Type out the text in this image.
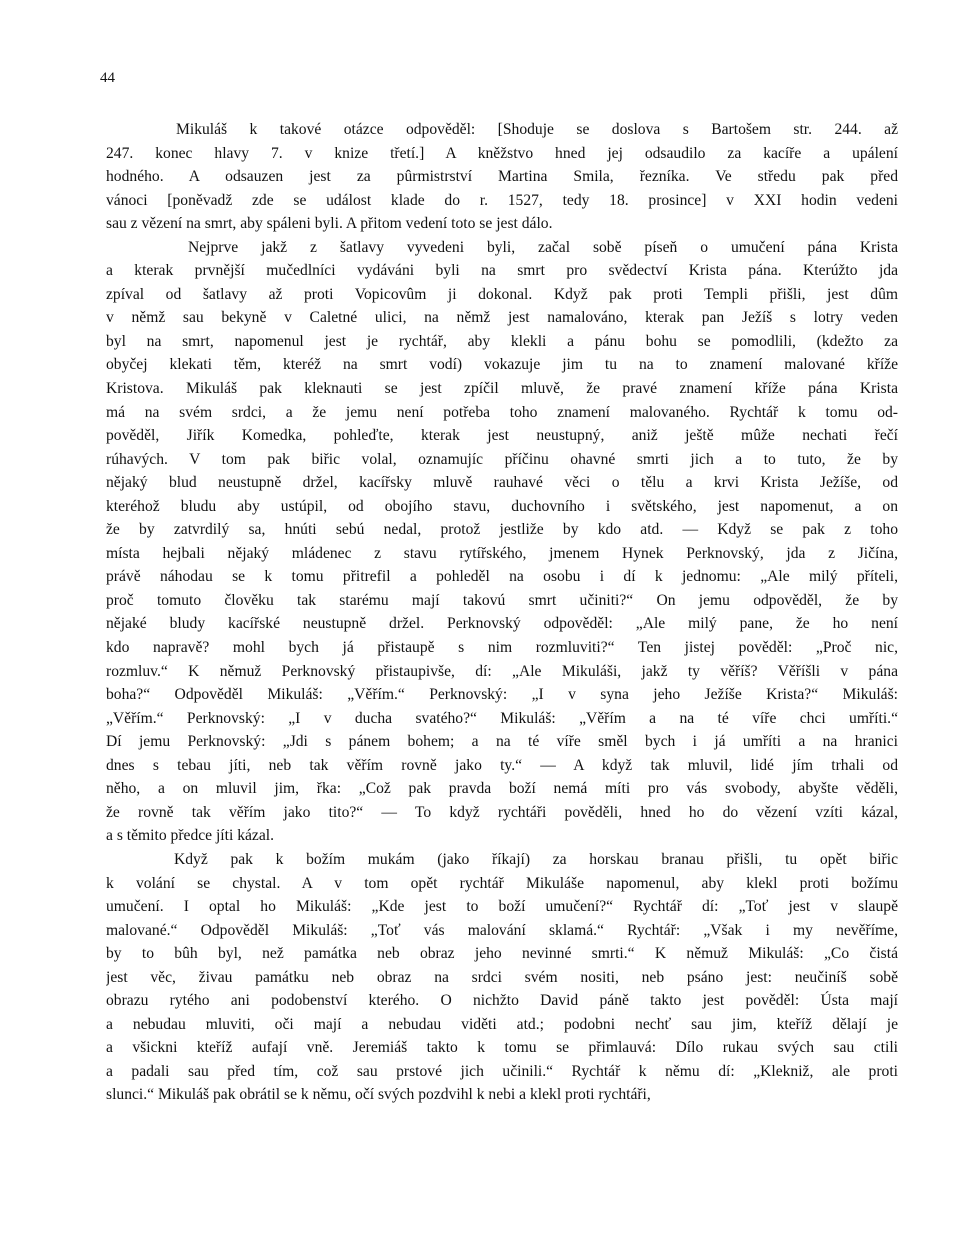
44
Mikuláš k takové otázce odpověděl: [Shoduje se doslova s Bartošem str. 244. až
247. konec hlavy 7. v knize třetí.] A kněžstvo hned jej odsaudilo za kacíře a upálení
hodného. A odsauzen jest za pûrmistrství Martina Smila, řezníka. Ve středu pak před
vánoci [poněvadž zde se událost klade do r. 1527, tedy 18. prosince] v XXI hodin vedeni
sau z vězení na smrt, aby spáleni byli. A přitom vedení toto se jest dálo.
Nejprve jakž z šatlavy vyvedeni byli, začal sobě píseň o umučení pána Krista
a kterak prvnější mučedlníci vydáváni byli na smrt pro svědectví Krista pána. Kterúžto jda
zpíval od šatlavy až proti Vopicovûm ji dokonal. Když pak proti Templi přišli, jest dûm
v němž sau bekyně v Caletné ulici, na němž jest namalováno, kterak pan Ježíš s lotry veden
byl na smrt, napomenul jest je rychtář, aby klekli a pánu bohu se pomodlili, (kdežto za
obyčej klekati těm, kteréž na smrt vodí) vokazuje jim tu na to znamení malované kříže
Kristova. Mikuláš pak kleknauti se jest zpíčil mluvě, že pravé znamení kříže pána Krista
má na svém srdci, a že jemu není potřeba toho znamení malovaného. Rychtář k tomu od-
pověděl, Jiřík Komedka, pohleďte, kterak jest neustupný, aniž ještě mûže nechati řečí
rúhavých. V tom pak biřic volal, oznamujíc příčinu ohavné smrti jich a to tuto, že by
nějaký blud neustupně držel, kacířsky mluvě rauhavé věci o tělu a krvi Krista Ježíše, od
kteréhož bludu aby ustúpil, od obojího stavu, duchovního i světského, jest napomenut, a on
že by zatvrdilý sa, hnúti sebú nedal, protož jestliže by kdo atd. — Když se pak z toho
místa hejbali nějaký mládenec z stavu rytířského, jmenem Hynek Perknovský, jda z Jičína,
právě náhodau se k tomu přitrefil a pohleděl na osobu i dí k jednomu: „Ale milý příteli,
proč tomuto člověku tak starému mají takovú smrt učiniti?“ On jemu odpověděl, že by
nějaké bludy kacířské neustupně držel. Perknovský odpověděl: „Ale milý pane, že ho není
kdo napravě? mohl bych já přistaupě s nim rozmluviti?“ Ten jistej pověděl: „Proč nic,
rozmluv.“ K němuž Perknovský přistaupivše, dí: „Ale Mikuláši, jakž ty věříš? Věříšli v pána
boha?“ Odpověděl Mikuláš: „Věřím.“ Perknovský: „I v syna jeho Ježíše Krista?“ Mikuláš:
„Věřím.“ Perknovský: „I v ducha svatého?“ Mikuláš: „Věřím a na té víře chci umříti.“
Dí jemu Perknovský: „Jdi s pánem bohem; a na té víře směl bych i já umříti a na hranici
dnes s tebau jíti, neb tak věřím rovně jako ty.“ — A když tak mluvil, lidé jím trhali od
něho, a on mluvil jim, řka: „Což pak pravda boží nemá míti pro vás svobody, abyšte věděli,
že rovně tak věřím jako tito?“ — To když rychtáři pověděli, hned ho do vězení vzíti kázal,
a s těmito předce jíti kázal.
Když pak k božím mukám (jako říkají) za horskau branau přišli, tu opět biřic
k volání se chystal. A v tom opět rychtář Mikuláše napomenul, aby klekl proti božímu
umučení. I optal ho Mikuláš: „Kde jest to boží umučení?“ Rychtář dí: „Toť jest v slaupě
malované.“ Odpověděl Mikuláš: „Toť vás malování sklamá.“ Rychtář: „Však i my nevěříme,
by to bûh byl, než památka neb obraz jeho nevinné smrti.“ K němuž Mikuláš: „Co čistá
jest věc, živau památku neb obraz na srdci svém nositi, neb psáno jest: neučiníš sobě
obrazu rytého ani podobenství kterého. O nichžto David páně takto jest pověděl: Ústa mají
a nebudau mluviti, oči mají a nebudau viděti atd.; podobni nechť sau jim, kteříž dělají je
a všickni kteříž aufají vně. Jeremiáš takto k tomu se přimlauvá: Dílo rukau svých sau ctili
a padali sau před tím, což sau prstové jich učinili.“ Rychtář k němu dí: „Klekniž, ale proti
slunci.“ Mikuláš pak obrátil se k němu, očí svých pozdvihl k nebi a klekl proti rychtáři,
